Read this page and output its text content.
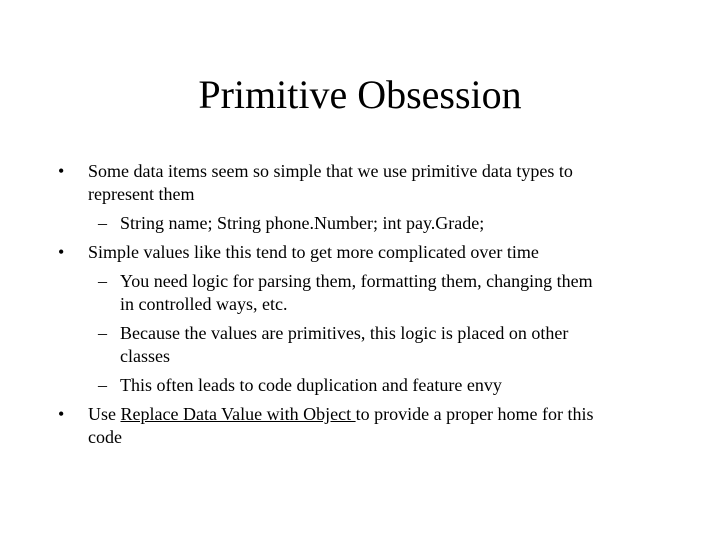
Primitive Obsession
• Some data items seem so simple that we use primitive data types to
represent them
– String name; String phone.Number; int pay.Grade;
• Simple values like this tend to get more complicated over time
– You need logic for parsing them, formatting them, changing them
in controlled ways, etc.
– Because the values are primitives, this logic is placed on other
classes
– This often leads to code duplication and feature envy
• Use Replace Data Value with Object to provide a proper home for this
code
